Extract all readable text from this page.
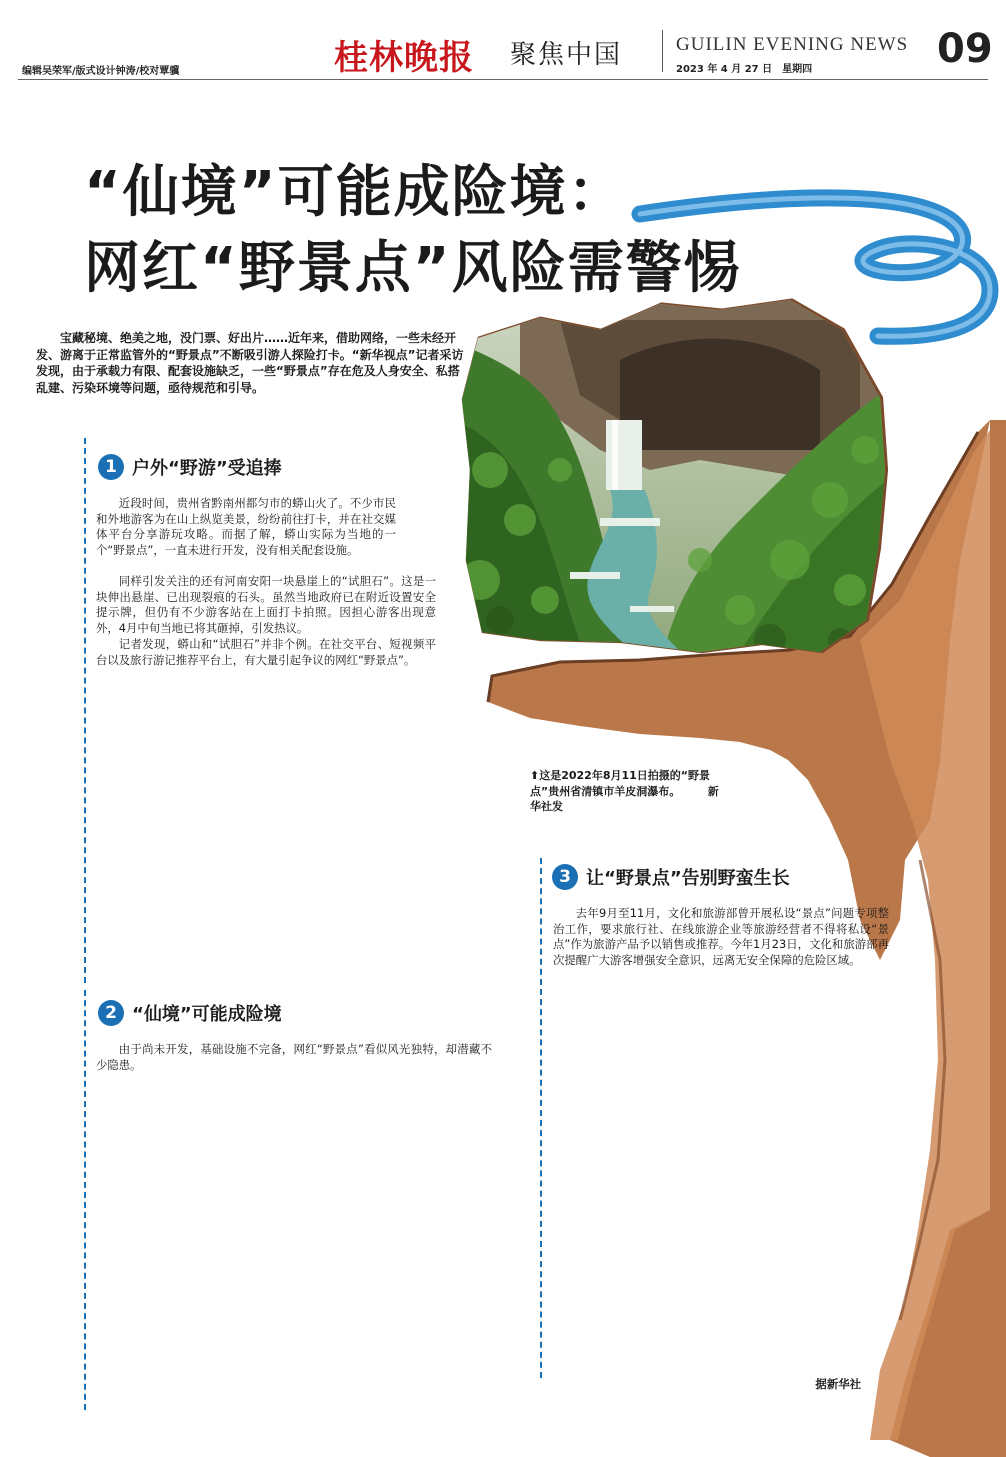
编辑吴荣军/版式设计钟涛/校对覃骥	桂林晚报 聚焦中国	GUILIN EVENING NEWS
2023 年 4 月 27 日　星期四	09
“仙境”可能成险境：
网红“野景点”风险需警惕

宝藏秘境、绝美之地，没门票、好出片……近年来，借助网络，一些未经开发、游离于正常监管外的“野景点”不断吸引游人探险打卡。“新华视点”记者采访发现，由于承载力有限、配套设施缺乏，一些“野景点”存在危及人身安全、私搭乱建、污染环境等问题，亟待规范和引导。

1 户外“野游”受追捧

近段时间，贵州省黔南州都匀市的蟒山火了。不少市民和外地游客为在山上纵览美景，纷纷前往打卡，并在社交媒体平台分享游玩攻略。而据了解，蟒山实际为当地的一个“野景点”，一直未进行开发，没有相关配套设施。

同样引发关注的还有河南安阳一块悬崖上的“试胆石”。这是一块伸出悬崖、已出现裂痕的石头。虽然当地政府已在附近设置安全提示牌，但仍有不少游客站在上面打卡拍照。因担心游客出现意外，4月中旬当地已将其砸掉，引发热议。

记者发现，蟒山和“试胆石”并非个例。在社交平台、短视频平台以及旅行游记推荐平台上，有大量引起争议的网红“野景点”。

2 “仙境”可能成险境

由于尚未开发，基础设施不完备，网红“野景点”看似风光独特，却潜藏不少隐患。

⬆这是2022年8月11日拍摄的“野景点”贵州省清镇市羊皮洞瀑布。　　　新华社发
3 让“野景点”告别野蛮生长

去年9月至11月，文化和旅游部曾开展私设“景点”问题专项整治工作，要求旅行社、在线旅游企业等旅游经营者不得将私设“景点”作为旅游产品予以销售或推荐。今年1月23日，文化和旅游部再次提醒广大游客增强安全意识，远离无安全保障的危险区域。

据新华社
